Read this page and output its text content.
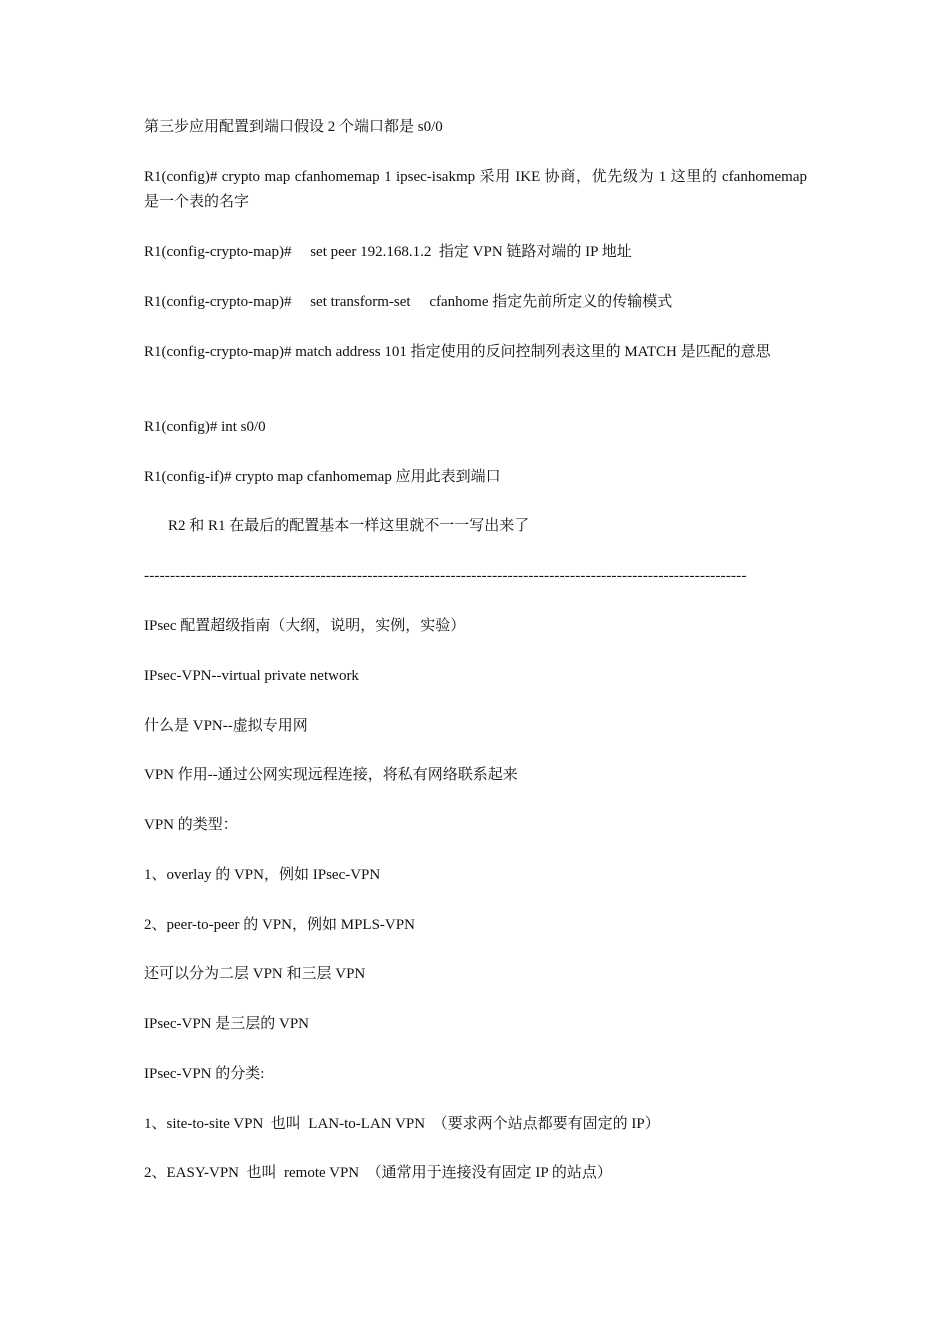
第三步应用配置到端口假设 2 个端口都是 s0/0

R1(config)# crypto map cfanhomemap 1 ipsec-isakmp 采用 IKE 协商，优先级为 1 这里的 cfanhomemap 是一个表的名字

R1(config-crypto-map)#     set peer 192.168.1.2  指定 VPN 链路对端的 IP 地址

R1(config-crypto-map)#     set transform-set     cfanhome 指定先前所定义的传输模式

R1(config-crypto-map)# match address 101 指定使用的反问控制列表这里的 MATCH 是匹配的意思

R1(config)# int s0/0

R1(config-if)# crypto map cfanhomemap 应用此表到端口

R2 和 R1 在最后的配置基本一样这里就不一一写出来了

--------------------------------------------------------------------------------------------------------------------

IPsec 配置超级指南（大纲，说明，实例，实验）

IPsec-VPN--virtual private network

什么是 VPN--虚拟专用网

VPN 作用--通过公网实现远程连接，将私有网络联系起来

VPN 的类型：

1、overlay 的 VPN，例如 IPsec-VPN

2、peer-to-peer 的 VPN，例如 MPLS-VPN

还可以分为二层 VPN 和三层 VPN

IPsec-VPN 是三层的 VPN

IPsec-VPN 的分类:

1、site-to-site VPN  也叫  LAN-to-LAN VPN  （要求两个站点都要有固定的 IP）

2、EASY-VPN  也叫  remote VPN  （通常用于连接没有固定 IP 的站点）
